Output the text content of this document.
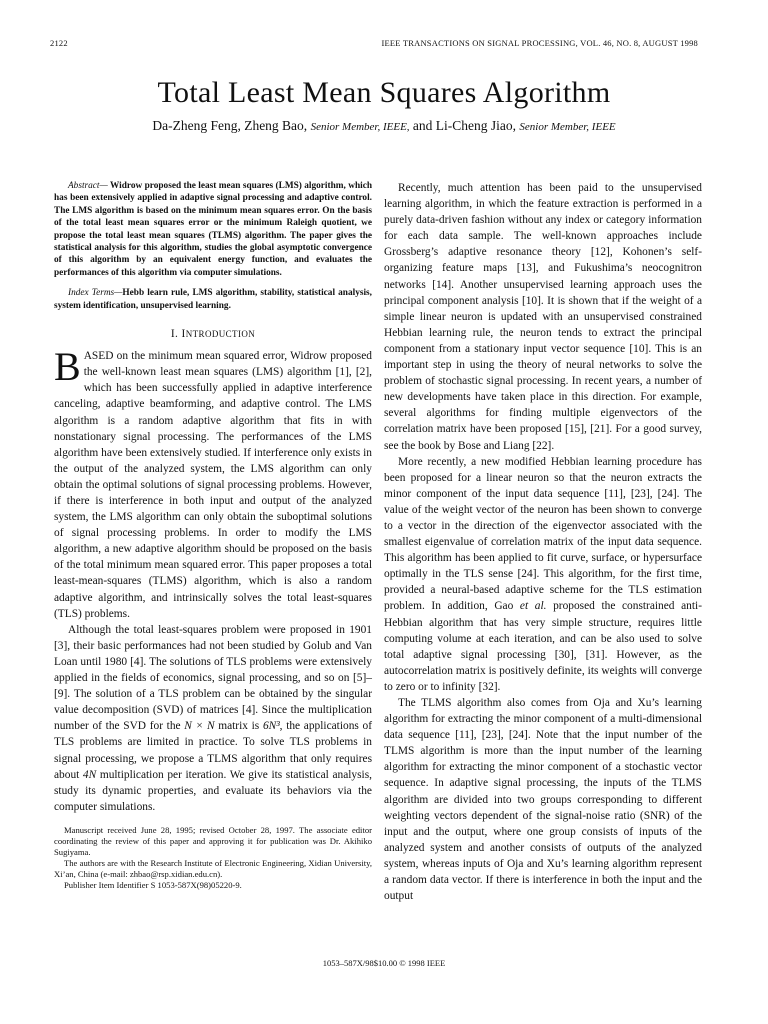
2122	IEEE TRANSACTIONS ON SIGNAL PROCESSING, VOL. 46, NO. 8, AUGUST 1998
Total Least Mean Squares Algorithm
Da-Zheng Feng, Zheng Bao, Senior Member, IEEE, and Li-Cheng Jiao, Senior Member, IEEE

Abstract— Widrow proposed the least mean squares (LMS) algorithm, which has been extensively applied in adaptive signal processing and adaptive control. The LMS algorithm is based on the minimum mean squares error. On the basis of the total least mean squares error or the minimum Raleigh quotient, we propose the total least mean squares (TLMS) algorithm. The paper gives the statistical analysis for this algorithm, studies the global asymptotic convergence of this algorithm by an equivalent energy function, and evaluates the performances of this algorithm via computer simulations.

Index Terms—Hebb learn rule, LMS algorithm, stability, statistical analysis, system identification, unsupervised learning.

I. INTRODUCTION

BASED on the minimum mean squared error, Widrow proposed the well-known least mean squares (LMS) algorithm [1], [2], which has been successfully applied in adaptive interference canceling, adaptive beamforming, and adaptive control. The LMS algorithm is a random adaptive algorithm that fits in with nonstationary signal processing. The performances of the LMS algorithm have been extensively studied. If interference only exists in the output of the analyzed system, the LMS algorithm can only obtain the optimal solutions of signal processing problems. However, if there is interference in both input and output of the analyzed system, the LMS algorithm can only obtain the suboptimal solutions of signal processing problems. In order to modify the LMS algorithm, a new adaptive algorithm should be proposed on the basis of the total minimum mean squared error. This paper proposes a total least-mean-squares (TLMS) algorithm, which is also a random adaptive algorithm, and intrinsically solves the total least-squares (TLS) problems.

Although the total least-squares problem were proposed in 1901 [3], their basic performances had not been studied by Golub and Van Loan until 1980 [4]. The solutions of TLS problems were extensively applied in the fields of economics, signal processing, and so on [5]–[9]. The solution of a TLS problem can be obtained by the singular value decomposition (SVD) of matrices [4]. Since the multiplication number of the SVD for the N × N matrix is 6N³, the applications of TLS problems are limited in practice. To solve TLS problems in signal processing, we propose a TLMS algorithm that only requires about 4N multiplication per iteration. We give its statistical analysis, study its dynamic properties, and evaluate its behaviors via the computer simulations.

Manuscript received June 28, 1995; revised October 28, 1997. The associate editor coordinating the review of this paper and approving it for publication was Dr. Akihiko Sugiyama.

The authors are with the Research Institute of Electronic Engineering, Xidian University, Xi’an, China (e-mail: zhbao@rsp.xidian.edu.cn).

Publisher Item Identifier S 1053-587X(98)05220-9.

Recently, much attention has been paid to the unsupervised learning algorithm, in which the feature extraction is performed in a purely data-driven fashion without any index or category information for each data sample. The well-known approaches include Grossberg’s adaptive resonance theory [12], Kohonen’s self-organizing feature maps [13], and Fukushima’s neocognitron networks [14]. Another unsupervised learning approach uses the principal component analysis [10]. It is shown that if the weight of a simple linear neuron is updated with an unsupervised constrained Hebbian learning rule, the neuron tends to extract the principal component from a stationary input vector sequence [10]. This is an important step in using the theory of neural networks to solve the problem of stochastic signal processing. In recent years, a number of new developments have taken place in this direction. For example, several algorithms for finding multiple eigenvectors of the correlation matrix have been proposed [15], [21]. For a good survey, see the book by Bose and Liang [22].

More recently, a new modified Hebbian learning procedure has been proposed for a linear neuron so that the neuron extracts the minor component of the input data sequence [11], [23], [24]. The value of the weight vector of the neuron has been shown to converge to a vector in the direction of the eigenvector associated with the smallest eigenvalue of correlation matrix of the input data sequence. This algorithm has been applied to fit curve, surface, or hypersurface optimally in the TLS sense [24]. This algorithm, for the first time, provided a neural-based adaptive scheme for the TLS estimation problem. In addition, Gao et al. proposed the constrained anti-Hebbian algorithm that has very simple structure, requires little computing volume at each iteration, and can be also used to solve total adaptive signal processing [30], [31]. However, as the autocorrelation matrix is positively definite, its weights will converge to zero or to infinity [32].

The TLMS algorithm also comes from Oja and Xu’s learning algorithm for extracting the minor component of a multi-dimensional data sequence [11], [23], [24]. Note that the input number of the TLMS algorithm is more than the input number of the learning algorithm for extracting the minor component of a stochastic vector sequence. In adaptive signal processing, the inputs of the TLMS algorithm are divided into two groups corresponding to different weighting vectors dependent of the signal-noise ratio (SNR) of the input and the output, where one group consists of inputs of the analyzed system and another consists of outputs of the analyzed system, whereas inputs of Oja and Xu’s learning algorithm represent a random data vector. If there is interference in both the input and the output

1053–587X/98$10.00 © 1998 IEEE
